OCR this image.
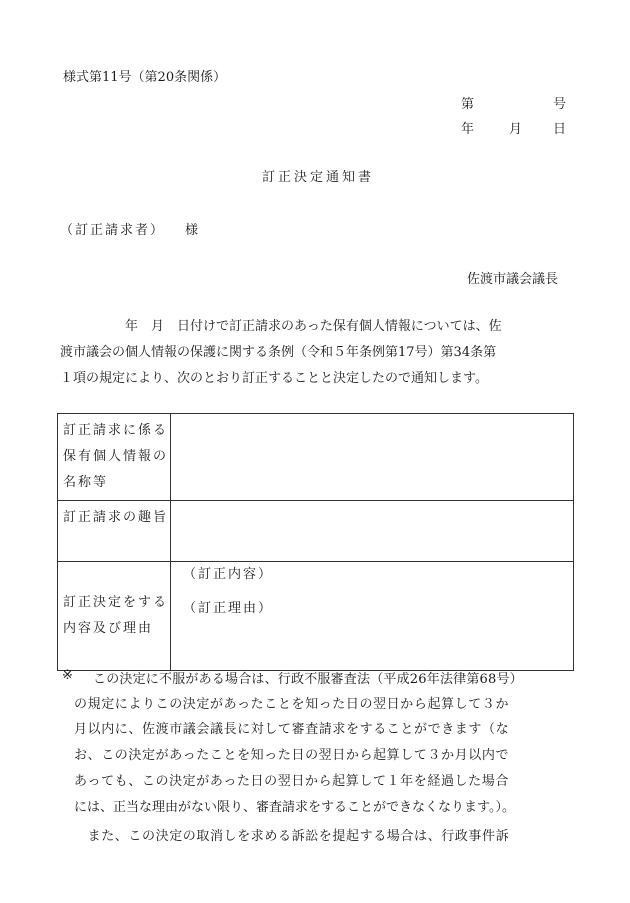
様式第11号（第20条関係）
第	号
年	月 日
訂正決定通知書
（訂正請求者） 様
佐渡市議会議長
　　　　　年　月　日付けで訂正請求のあった保有個人情報については、佐
渡市議会の個人情報の保護に関する条例（令和５年条例第17号）第34条第
１項の規定により、次のとおり訂正することと決定したので通知します。
訂正請求に係る保有個人情報の名称等	
訂正請求の趣旨	
訂正決定をする内容及び理由	（訂正内容）
（訂正理由）
※ この決定に不服がある場合は、行政不服審査法（平成26年法律第68号）
の規定によりこの決定があったことを知った日の翌日から起算して３か
月以内に、佐渡市議会議長に対して審査請求をすることができます（な
お、この決定があったことを知った日の翌日から起算して３か月以内で
あっても、この決定があった日の翌日から起算して１年を経過した場合
には、正当な理由がない限り、審査請求をすることができなくなります。）。
　また、この決定の取消しを求める訴訟を提起する場合は、行政事件訴
